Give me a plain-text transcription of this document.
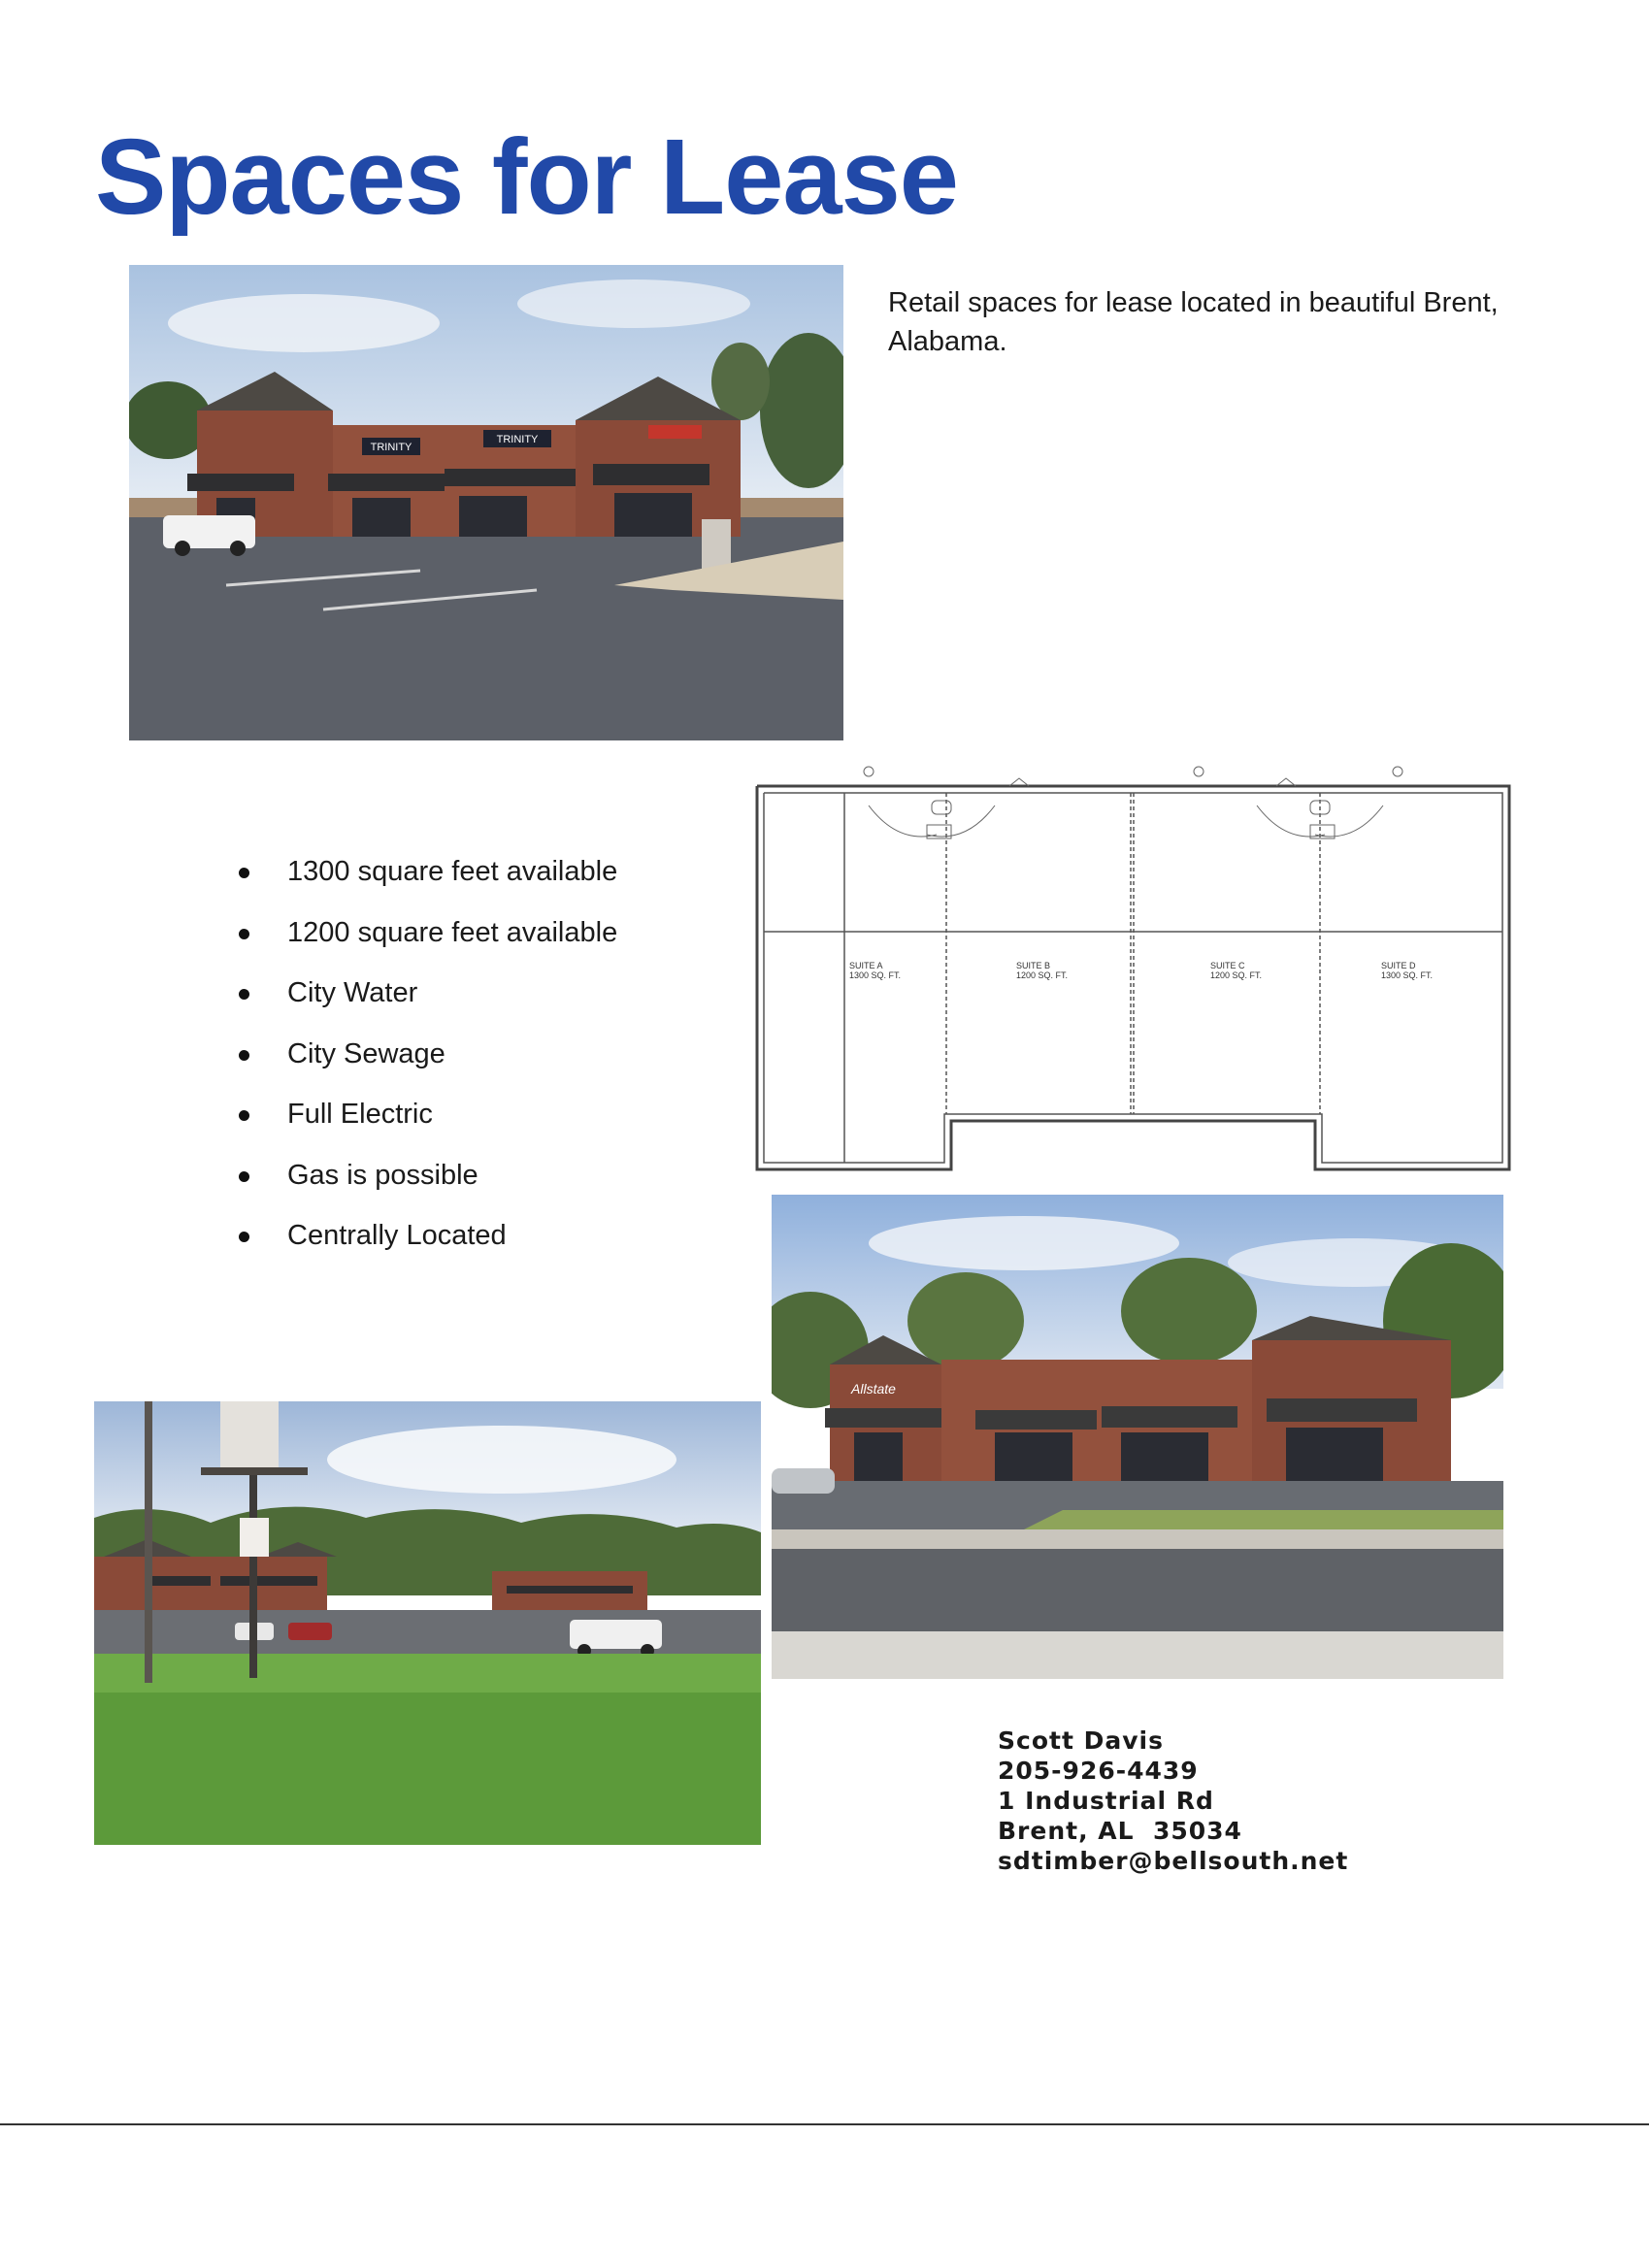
Spaces for Lease
Retail spaces for lease located in beautiful Brent, Alabama.
TRINITY
TRINITY
1300 square feet available
1200 square feet available
City Water
City Sewage
Full Electric
Gas is possible
Centrally Located
SUITE A
1300 SQ. FT.
SUITE B
1200 SQ. FT.
SUITE C
1200 SQ. FT.
SUITE D
1300 SQ. FT.
Allstate
Scott Davis
205-926-4439
1 Industrial Rd
Brent, AL  35034
sdtimber@bellsouth.net
